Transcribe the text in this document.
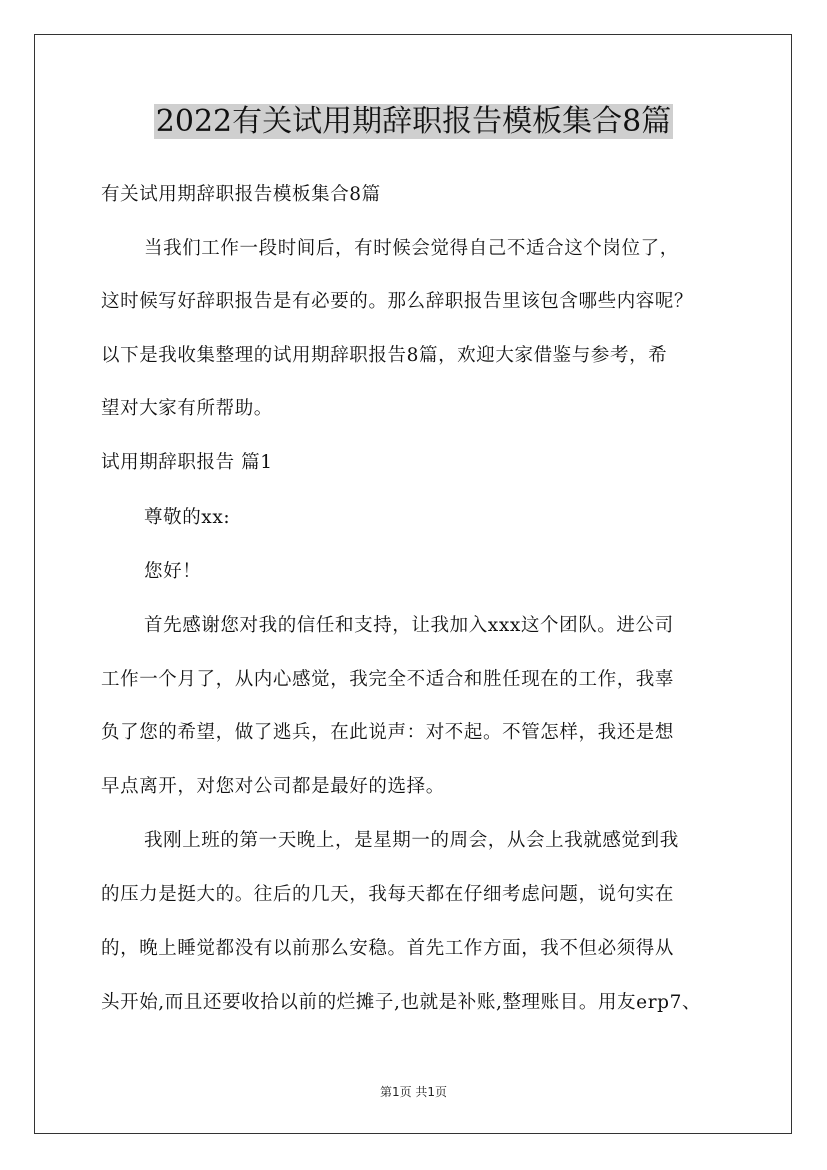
2022有关试用期辞职报告模板集合8篇
有关试用期辞职报告模板集合8篇
当我们工作一段时间后，有时候会觉得自己不适合这个岗位了，
这时候写好辞职报告是有必要的。那么辞职报告里该包含哪些内容呢？
以下是我收集整理的试用期辞职报告8篇，欢迎大家借鉴与参考，希
望对大家有所帮助。
试用期辞职报告 篇1
尊敬的xx:
您好！
首先感谢您对我的信任和支持，让我加入xxx这个团队。进公司
工作一个月了，从内心感觉，我完全不适合和胜任现在的工作，我辜
负了您的希望，做了逃兵，在此说声：对不起。不管怎样，我还是想
早点离开，对您对公司都是最好的选择。
我刚上班的第一天晚上，是星期一的周会，从会上我就感觉到我
的压力是挺大的。往后的几天，我每天都在仔细考虑问题，说句实在
的，晚上睡觉都没有以前那么安稳。首先工作方面，我不但必须得从
头开始,而且还要收拾以前的烂摊子,也就是补账,整理账目。用友erp7、
第1页 共1页
